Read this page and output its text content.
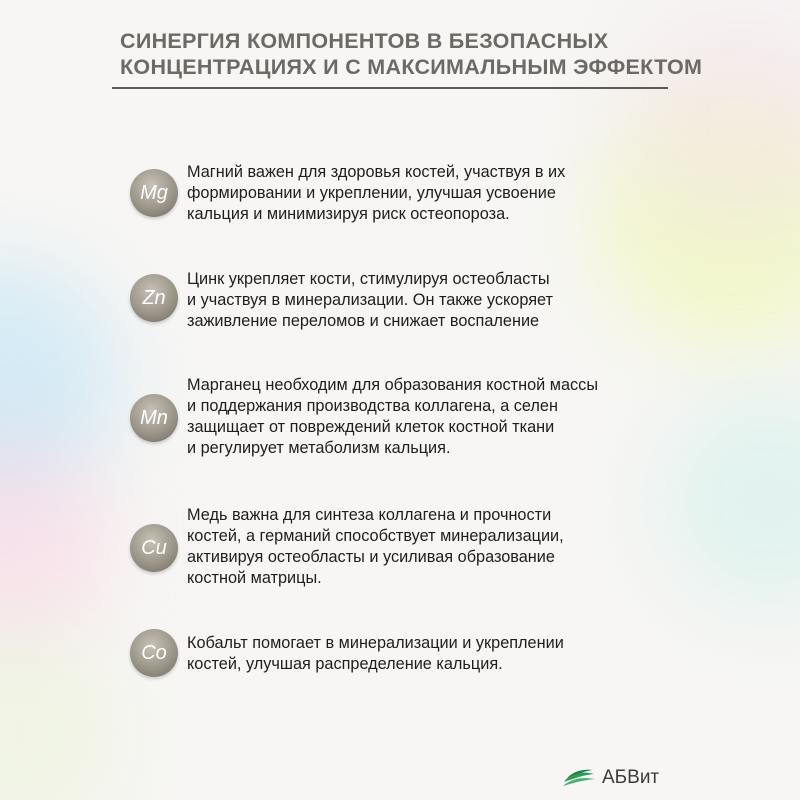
СИНЕРГИЯ КОМПОНЕНТОВ В БЕЗОПАСНЫХ
КОНЦЕНТРАЦИЯХ И С МАКСИМАЛЬНЫМ ЭФФЕКТОМ
Mg
Магний важен для здоровья костей, участвуя в их
формировании и укреплении, улучшая усвоение
кальция и минимизируя риск остеопороза.
Zn
Цинк укрепляет кости, стимулируя остеобласты
и участвуя в минерализации. Он также ускоряет
заживление переломов и снижает воспаление
Mn
Марганец необходим для образования костной массы
и поддержания производства коллагена, а селен
защищает от повреждений клеток костной ткани
и регулирует метаболизм кальция.
Cu
Медь важна для синтеза коллагена и прочности
костей, а германий способствует минерализации,
активируя остеобласты и усиливая образование
костной матрицы.
Co	Кобальт помогает в минерализации и укреплении
костей, улучшая распределение кальция.
АБВит
